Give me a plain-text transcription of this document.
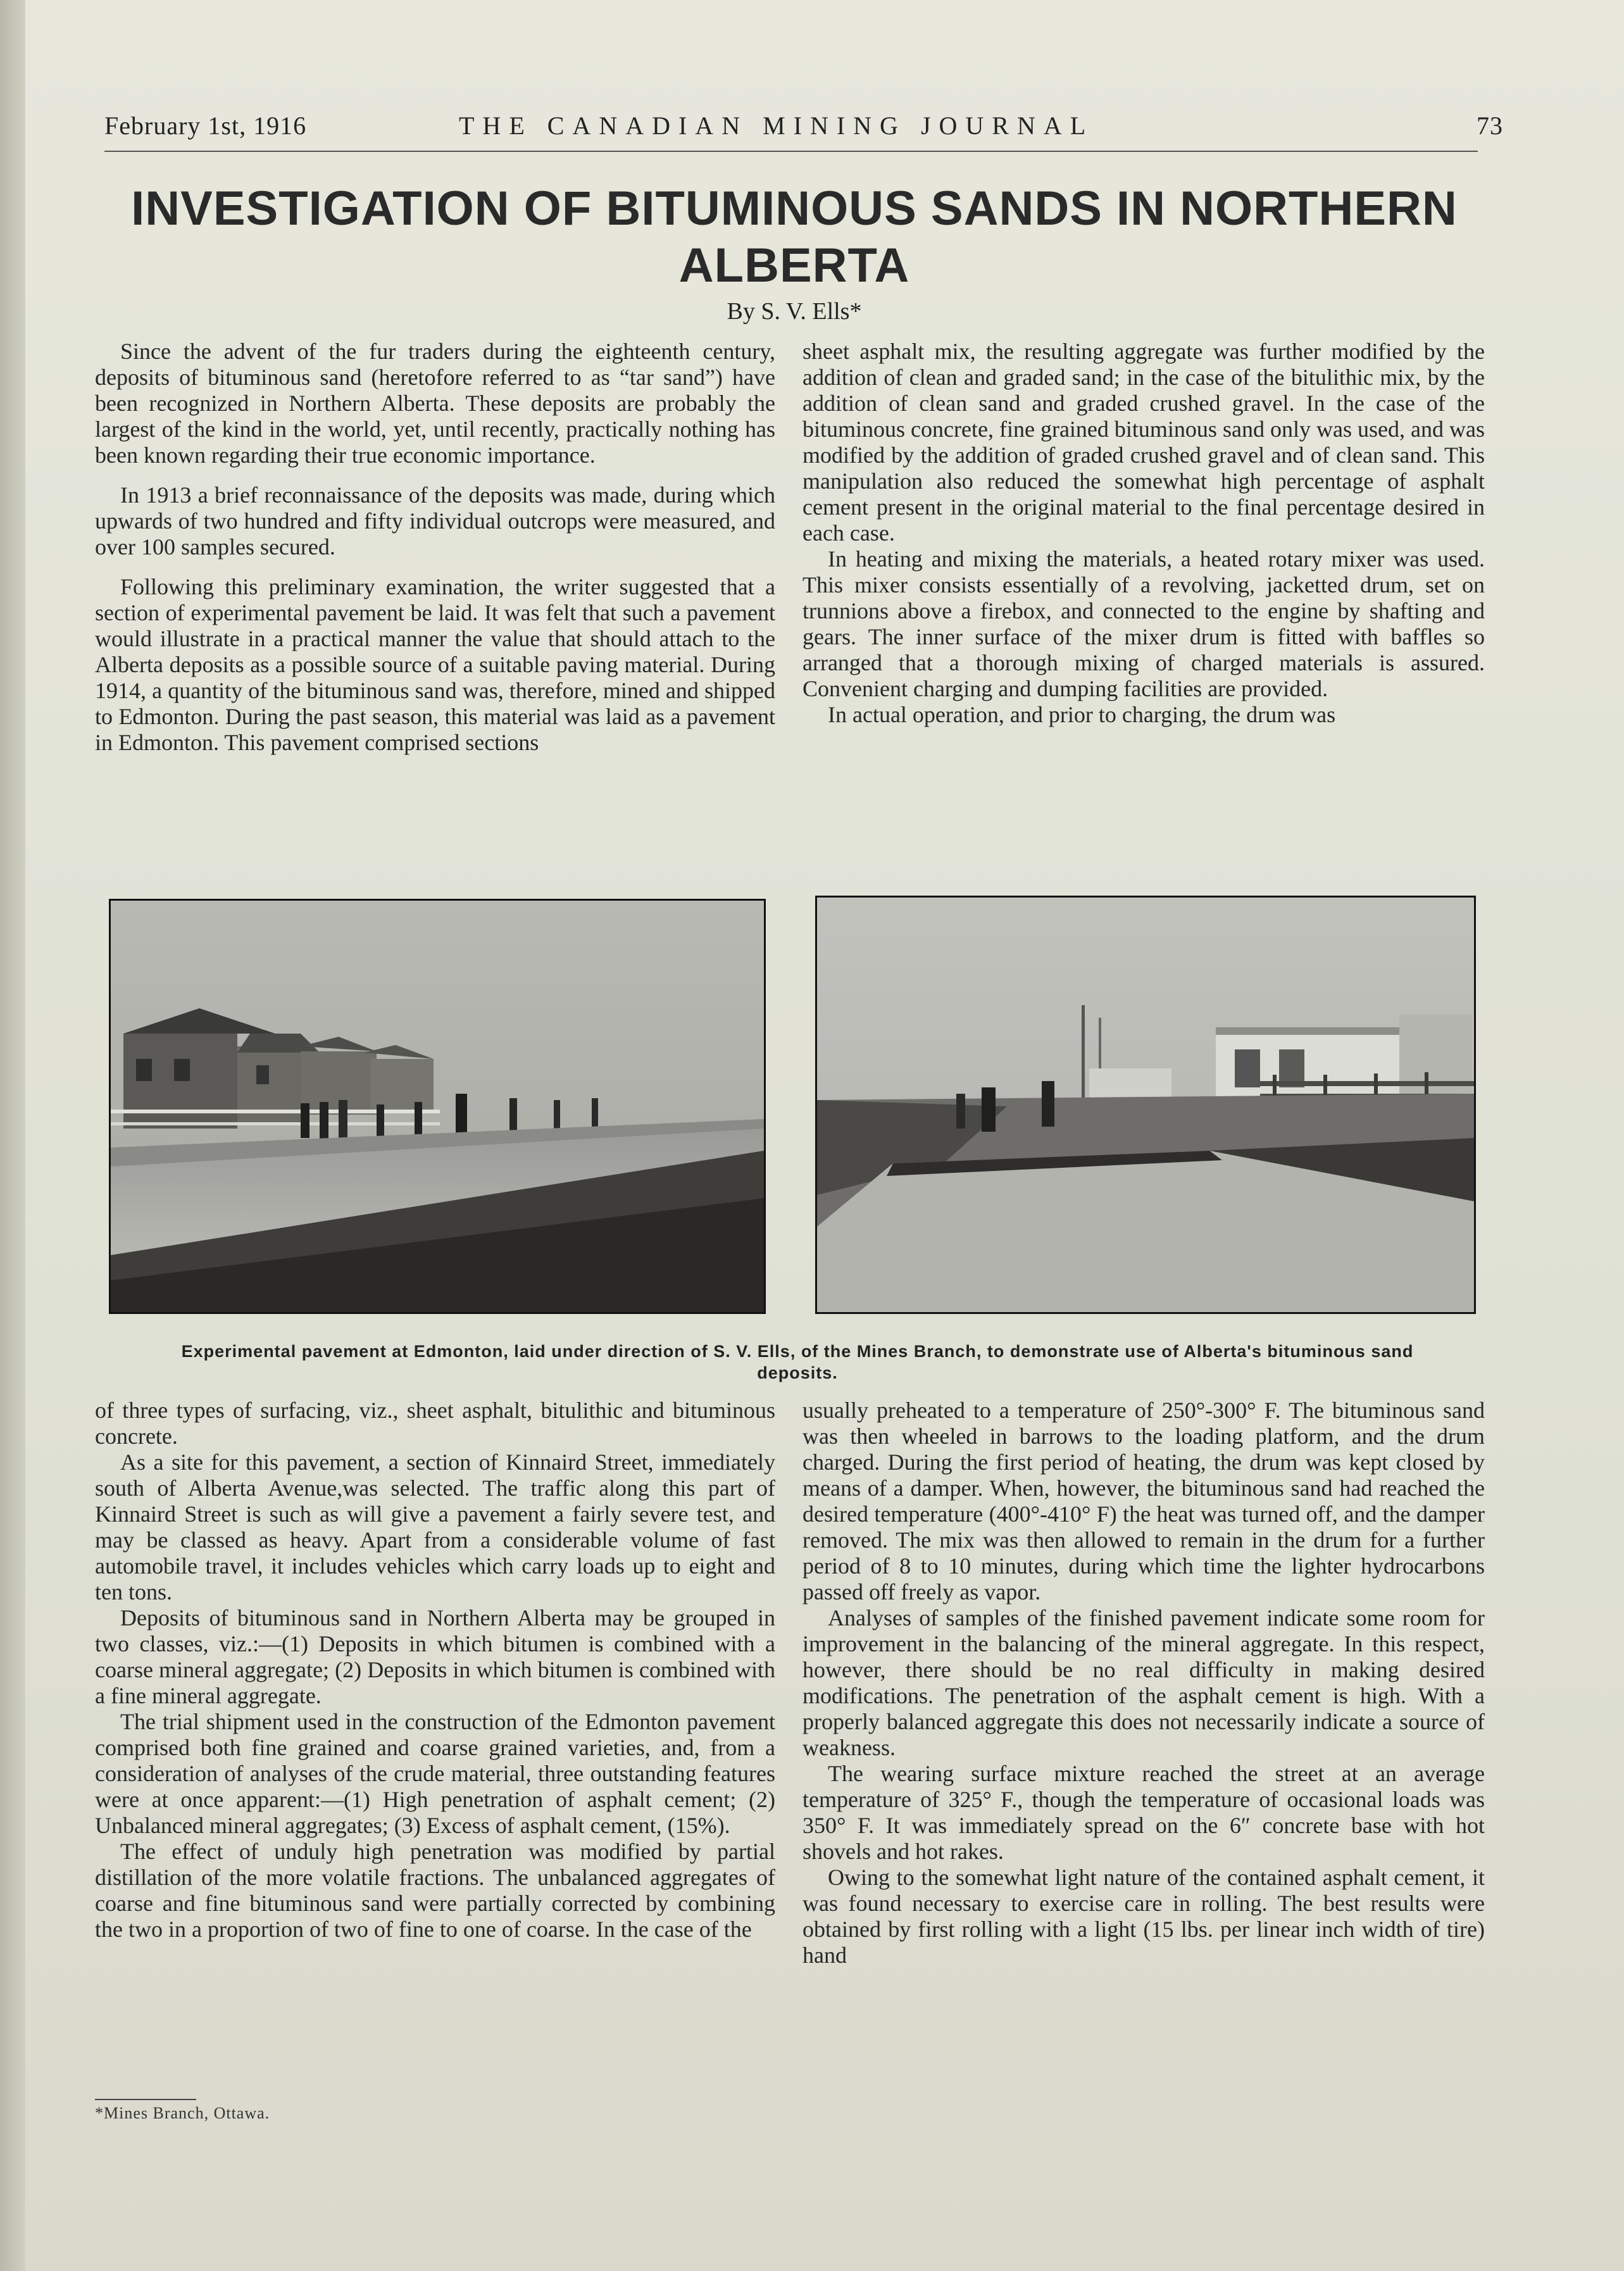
February 1st, 1916	THE CANADIAN MINING JOURNAL	73
INVESTIGATION OF BITUMINOUS SANDS IN NORTHERN ALBERTA
By S. V. Ells*

Since the advent of the fur traders during the eighteenth century, deposits of bituminous sand (heretofore referred to as “tar sand”) have been recognized in Northern Alberta. These deposits are probably the largest of the kind in the world, yet, until recently, practically nothing has been known regarding their true economic importance.

In 1913 a brief reconnaissance of the deposits was made, during which upwards of two hundred and fifty individual outcrops were measured, and over 100 samples secured.

Following this preliminary examination, the writer suggested that a section of experimental pavement be laid. It was felt that such a pavement would illustrate in a practical manner the value that should attach to the Alberta deposits as a possible source of a suitable paving material. During 1914, a quantity of the bituminous sand was, therefore, mined and shipped to Edmonton. During the past season, this material was laid as a pavement in Edmonton. This pavement comprised sections

sheet asphalt mix, the resulting aggregate was further modified by the addition of clean and graded sand; in the case of the bitulithic mix, by the addition of clean sand and graded crushed gravel. In the case of the bituminous concrete, fine grained bituminous sand only was used, and was modified by the addition of graded crushed gravel and of clean sand. This manipulation also reduced the somewhat high percentage of asphalt cement present in the original material to the final percentage desired in each case.

In heating and mixing the materials, a heated rotary mixer was used. This mixer consists essentially of a revolving, jacketted drum, set on trunnions above a firebox, and connected to the engine by shafting and gears. The inner surface of the mixer drum is fitted with baffles so arranged that a thorough mixing of charged materials is assured. Convenient charging and dumping facilities are provided.

In actual operation, and prior to charging, the drum was

Experimental pavement at Edmonton, laid under direction of S. V. Ells, of the Mines Branch, to demonstrate use of Alberta's bituminous sand deposits.

of three types of surfacing, viz., sheet asphalt, bitulithic and bituminous concrete.

As a site for this pavement, a section of Kinnaird Street, immediately south of Alberta Avenue,was selected. The traffic along this part of Kinnaird Street is such as will give a pavement a fairly severe test, and may be classed as heavy. Apart from a considerable volume of fast automobile travel, it includes vehicles which carry loads up to eight and ten tons.

Deposits of bituminous sand in Northern Alberta may be grouped in two classes, viz.:—(1) Deposits in which bitumen is combined with a coarse mineral aggregate; (2) Deposits in which bitumen is combined with a fine mineral aggregate.

The trial shipment used in the construction of the Edmonton pavement comprised both fine grained and coarse grained varieties, and, from a consideration of analyses of the crude material, three outstanding features were at once apparent:—(1) High penetration of asphalt cement; (2) Unbalanced mineral aggregates; (3) Excess of asphalt cement, (15%).

The effect of unduly high penetration was modified by partial distillation of the more volatile fractions. The unbalanced aggregates of coarse and fine bituminous sand were partially corrected by combining the two in a proportion of two of fine to one of coarse. In the case of the

usually preheated to a temperature of 250°-300° F. The bituminous sand was then wheeled in barrows to the loading platform, and the drum charged. During the first period of heating, the drum was kept closed by means of a damper. When, however, the bituminous sand had reached the desired temperature (400°-410° F) the heat was turned off, and the damper removed. The mix was then allowed to remain in the drum for a further period of 8 to 10 minutes, during which time the lighter hydrocarbons passed off freely as vapor.

Analyses of samples of the finished pavement indicate some room for improvement in the balancing of the mineral aggregate. In this respect, however, there should be no real difficulty in making desired modifications. The penetration of the asphalt cement is high. With a properly balanced aggregate this does not necessarily indicate a source of weakness.

The wearing surface mixture reached the street at an average temperature of 325° F., though the temperature of occasional loads was 350° F. It was immediately spread on the 6″ concrete base with hot shovels and hot rakes.

Owing to the somewhat light nature of the contained asphalt cement, it was found necessary to exercise care in rolling. The best results were obtained by first rolling with a light (15 lbs. per linear inch width of tire) hand

*Mines Branch, Ottawa.
